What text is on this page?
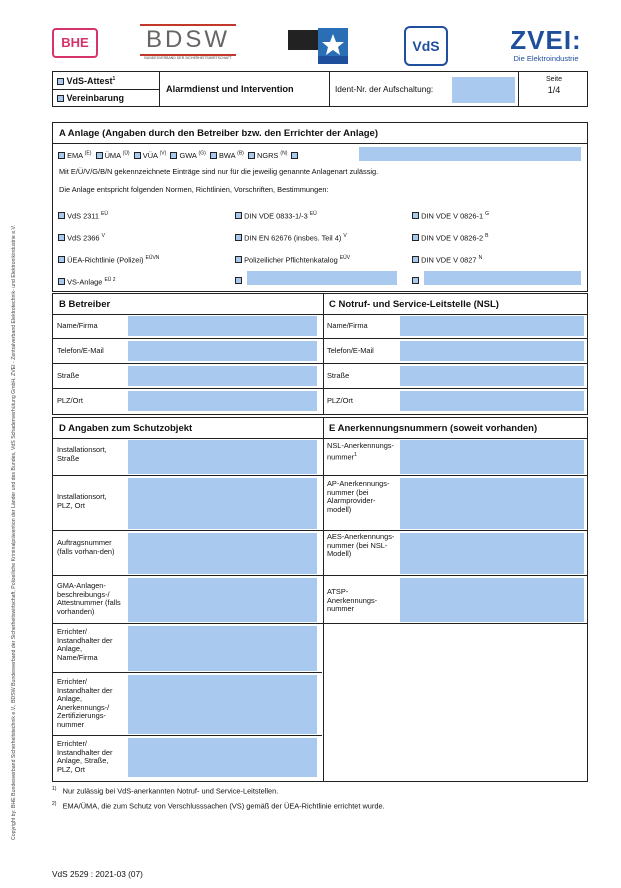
Copyright by: BHE Bundesverband Sicherheitstechnik e.V., BDSW Bundesverband der Sicherheitswirtschaft, Polizeiliche Kriminalprävention der Länder und des Bundes, VdS Schadenverhütung GmbH, ZVEI - Zentralverband Elektrotechnik- und Elektronikindustrie e.V.
BHE	BDSW
BUNDESVERBAND DER SICHERHEITSWIRTSCHAFT
VdS	ZVEI:
Die Elektroindustrie
VdS-Attest$^1$
Vereinbarung
Alarmdienst und Intervention	Ident-Nr. der Aufschaltung:
Seite
1/4
A Anlage (Angaben durch den Betreiber bzw. den Errichter der Anlage)
EMA $^{(E)}$ ÜMA $^{(Ü)}$ VÜA $^{(V)}$ GWA $^{(G)}$ BWA $^{(B)}$ NGRS $^{(N)}$
Mit E/Ü/V/G/B/N gekennzeichnete Einträge sind nur für die jeweilig genannte Anlagenart zulässig.
Die Anlage entspricht folgenden Normen, Richtlinien, Vorschriften, Bestimmungen:
VdS 2311 $^{EÜ}$	DIN VDE 0833-1/-3 $^{EÜ}$	DIN VDE V 0826-1 $^G$
VdS 2366 $^V$	DIN EN 62676 (insbes. Teil 4) $^V$	DIN VDE V 0826-2 $^B$
ÜEA-Richtlinie (Polizei) $^{EÜVN}$	Polizeilicher Pflichtenkatalog $^{EÜV}$	DIN VDE V 0827 $^N$
VS-Anlage $^{EÜ 2}$
B Betreiber	C Notruf- und Service-Leitstelle (NSL)
Name/Firma
Telefon/E-Mail
Straße
PLZ/Ort
Name/Firma
Telefon/E-Mail
Straße
PLZ/Ort
D Angaben zum Schutzobjekt	E Anerkennungsnummern (soweit vorhanden)
Installationsort, Straße
Installationsort, PLZ, Ort
Auftragsnummer (falls vorhan-den)
GMA-Anlagen-beschreibungs-/ Attestnummer (falls vorhanden)
Errichter/ Instandhalter der Anlage, Name/Firma
Errichter/ Instandhalter der Anlage, Anerkennungs-/ Zertifizierungs-nummer
Errichter/ Instandhalter der Anlage, Straße, PLZ, Ort
NSL-Anerkennungs-nummer$^1$
AP-Anerkennungs-nummer (bei Alarmprovider-modell)
AES-Anerkennungs-nummer (bei NSL-Modell)
ATSP-Anerkennungs-nummer
$^{1)}$ Nur zulässig bei VdS-anerkannten Notruf- und Service-Leitstellen.
$^{2)}$ EMA/ÜMA, die zum Schutz von Verschlusssachen (VS) gemäß der ÜEA-Richtlinie errichtet wurde.
VdS 2529 : 2021-03 (07)
